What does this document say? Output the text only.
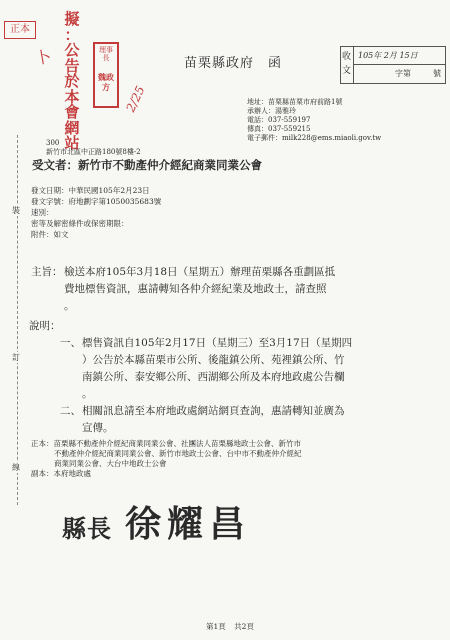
正本
擬
：
公
告
於
本
會
網
站
卜
2/25
理事長
魏政方
苗栗縣政府　函	收文
105年 2月 15日
字第	號
地址：苗栗縣苗栗市府前路1號
承辦人：湯雅玲
電話：037-559197
傳真：037-559215
電子郵件：milk228@ems.miaoli.gov.tw
300
新竹市北區中正路180號8樓-2
受文者：新竹市不動產仲介經紀商業同業公會
發文日期：中華民國105年2月23日
發文字號：府地劃字第1050035683號
速別：
密等及解密條件或保密期限：
附件：如文
裝
訂
線
主旨： 檢送本府105年3月18日（星期五）辦理苗栗縣各重劃區抵
費地標售資訊，惠請轉知各仲介經紀業及地政士，請查照
。
說明：
一、 標售資訊自105年2月17日（星期三）至3月17日（星期四
）公告於本縣苗栗市公所、後龍鎮公所、苑裡鎮公所、竹
南鎮公所、泰安鄉公所、西湖鄉公所及本府地政處公告欄
。
二、 相關訊息請至本府地政處網站網頁查詢，惠請轉知並廣為
宣傳。
正本：苗栗縣不動產仲介經紀商業同業公會、社團法人苗栗縣地政士公會、新竹市
不動產仲介經紀商業同業公會、新竹市地政士公會、台中市不動產仲介經紀
商業同業公會、大台中地政士公會
副本：本府地政處
縣長 徐耀昌
第1頁 共2頁
